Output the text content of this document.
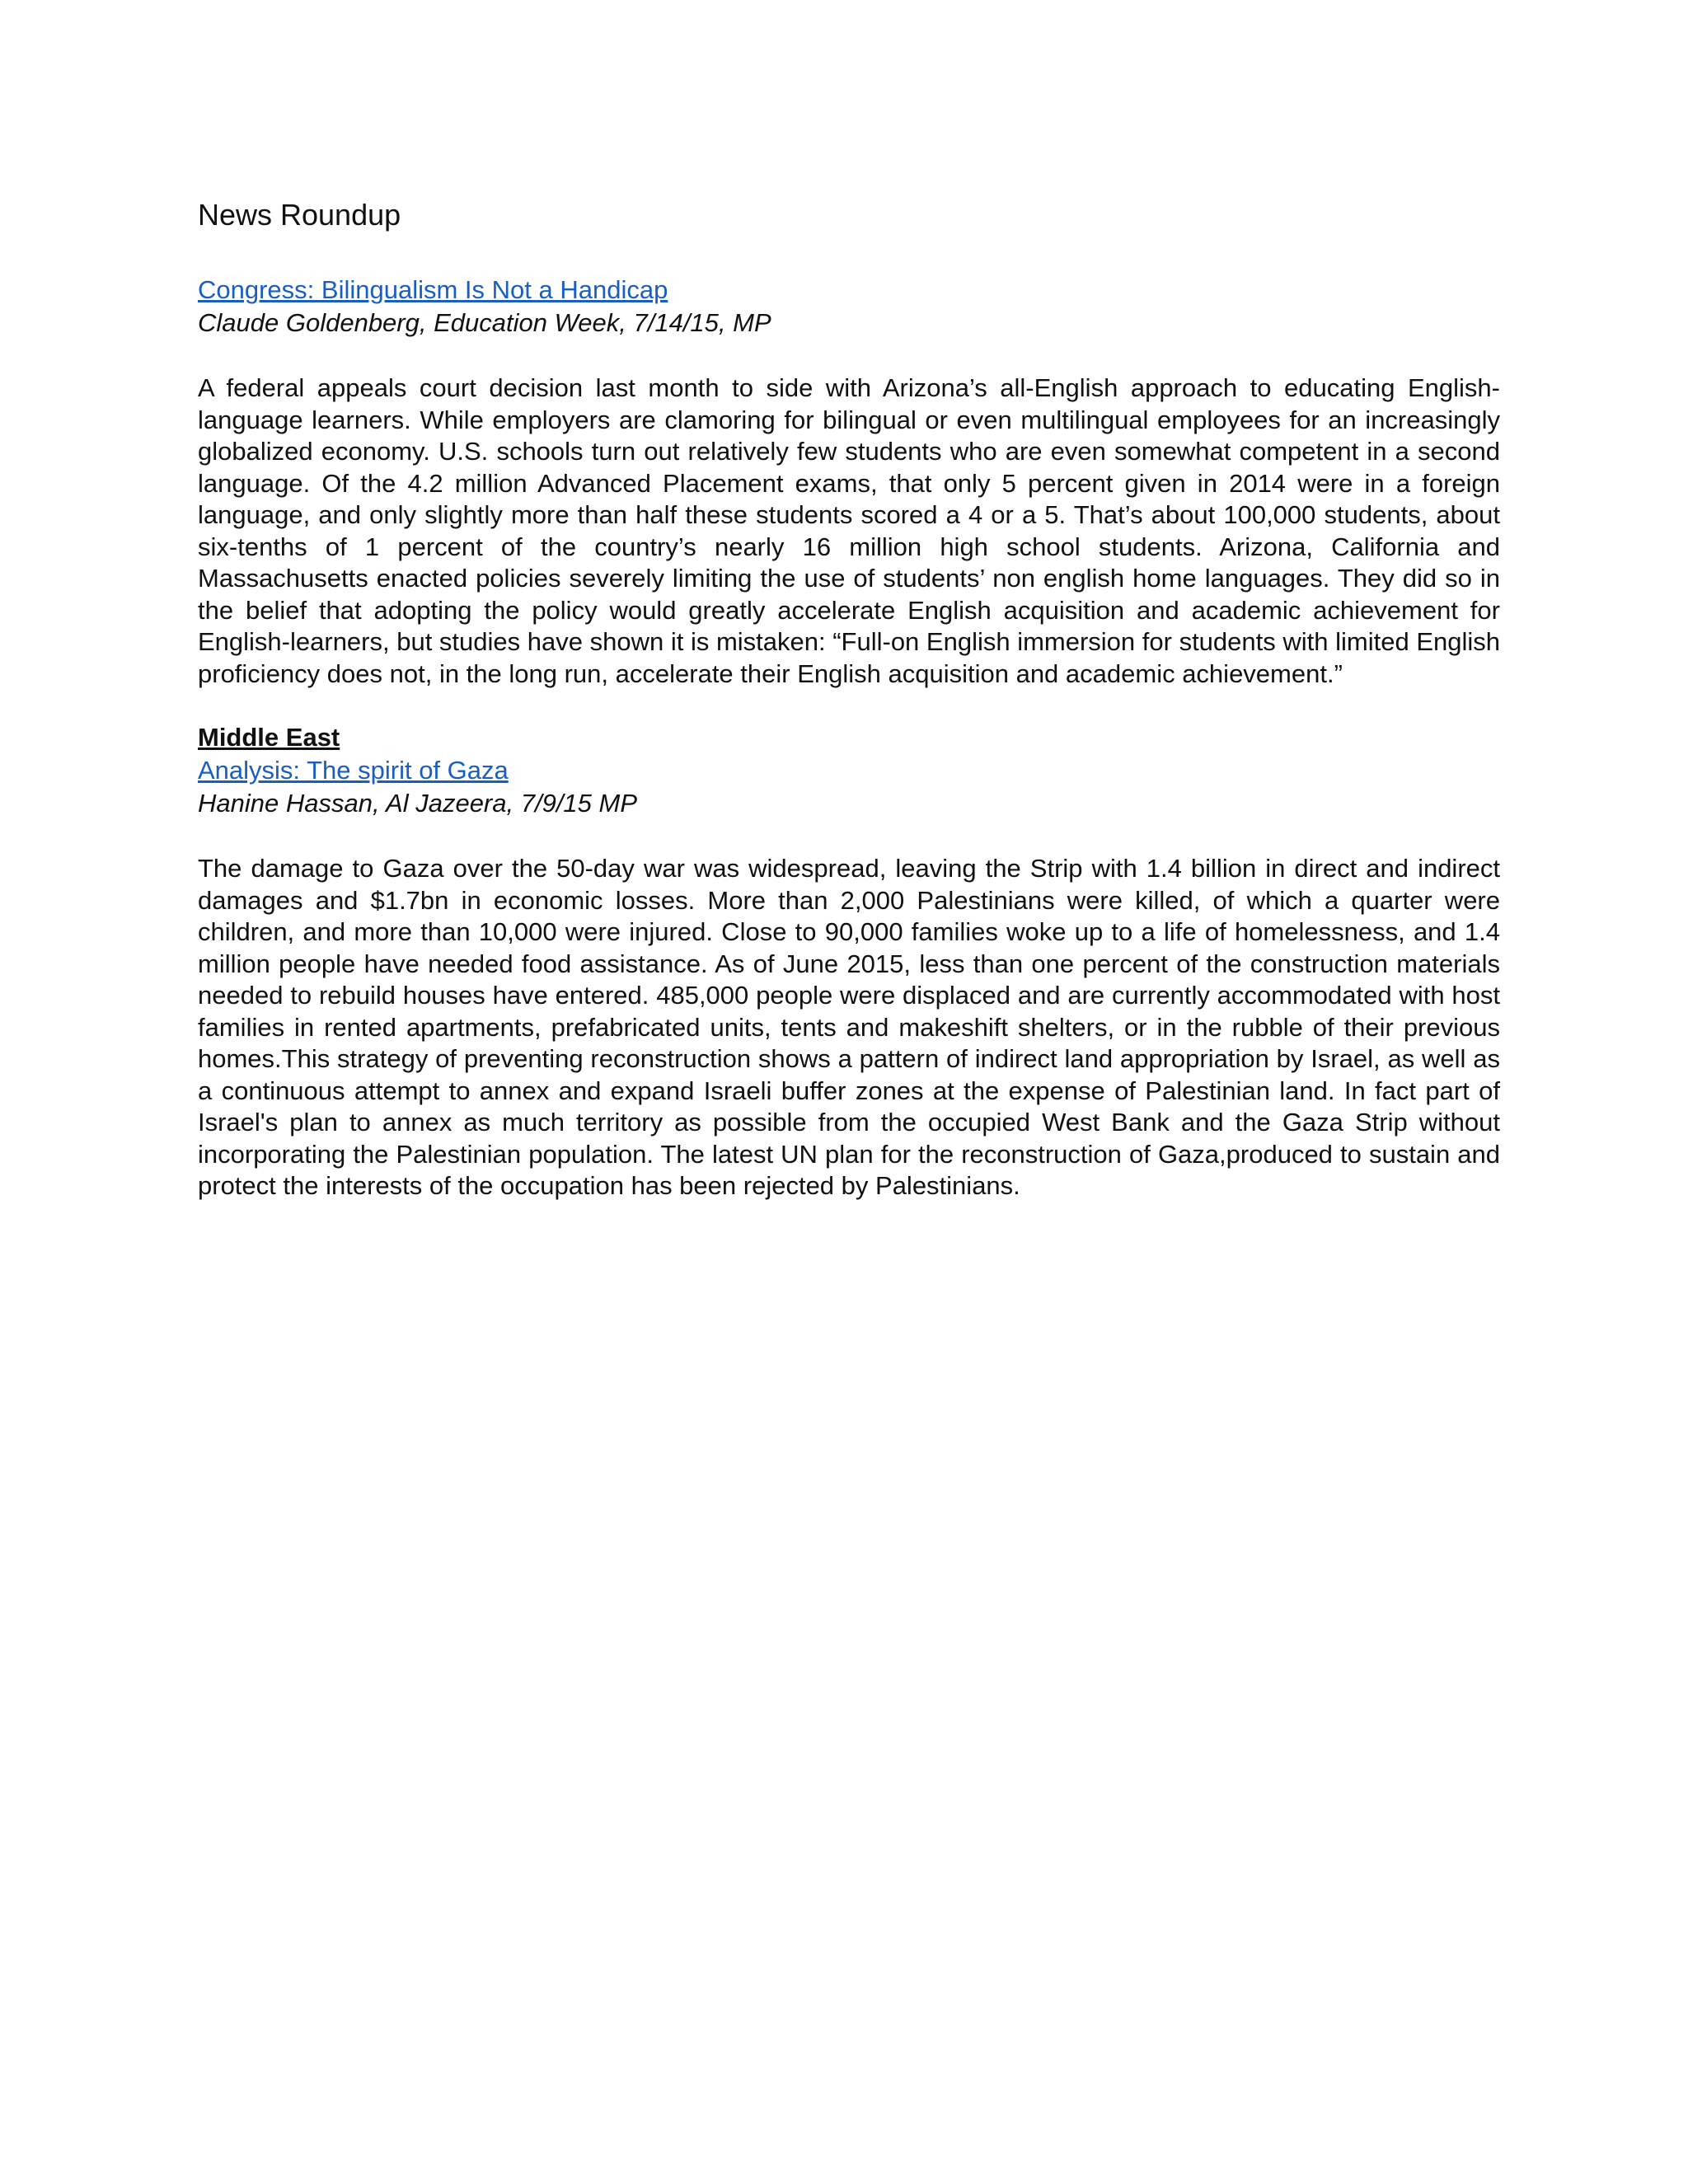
News Roundup
Congress: Bilingualism Is Not a Handicap
Claude Goldenberg, Education Week, 7/14/15, MP

A federal appeals court decision last month to side with Arizona’s all-English approach to educating English-language learners. While employers are clamoring for bilingual or even multilingual employees for an increasingly globalized economy. U.S. schools turn out relatively few students who are even somewhat competent in a second language. Of the 4.2 million Advanced Placement exams, that only 5 percent given in 2014 were in a foreign language, and only slightly more than half these students scored a 4 or a 5. That’s about 100,000 students, about six-tenths of 1 percent of the country’s nearly 16 million high school students. Arizona, California and Massachusetts enacted policies severely limiting the use of students’ non english home languages. They did so in the belief that adopting the policy would greatly accelerate English acquisition and academic achievement for English-learners, but studies have shown it is mistaken: “Full-on English immersion for students with limited English proficiency does not, in the long run, accelerate their English acquisition and academic achievement.”

Middle East
Analysis: The spirit of Gaza
Hanine Hassan, Al Jazeera, 7/9/15 MP

The damage to Gaza over the 50-day war was widespread, leaving the Strip with 1.4 billion in direct and indirect damages and $1.7bn in economic losses. More than 2,000 Palestinians were killed, of which a quarter were children, and more than 10,000 were injured. Close to 90,000 families woke up to a life of homelessness, and 1.4 million people have needed food assistance. As of June 2015, less than one percent of the construction materials needed to rebuild houses have entered. 485,000 people were displaced and are currently accommodated with host families in rented apartments, prefabricated units, tents and makeshift shelters, or in the rubble of their previous homes.This strategy of preventing reconstruction shows a pattern of indirect land appropriation by Israel, as well as a continuous attempt to annex and expand Israeli buffer zones at the expense of Palestinian land. In fact part of Israel's plan to annex as much territory as possible from the occupied West Bank and the Gaza Strip without incorporating the Palestinian population. The latest UN plan for the reconstruction of Gaza,produced to sustain and protect the interests of the occupation has been rejected by Palestinians.
